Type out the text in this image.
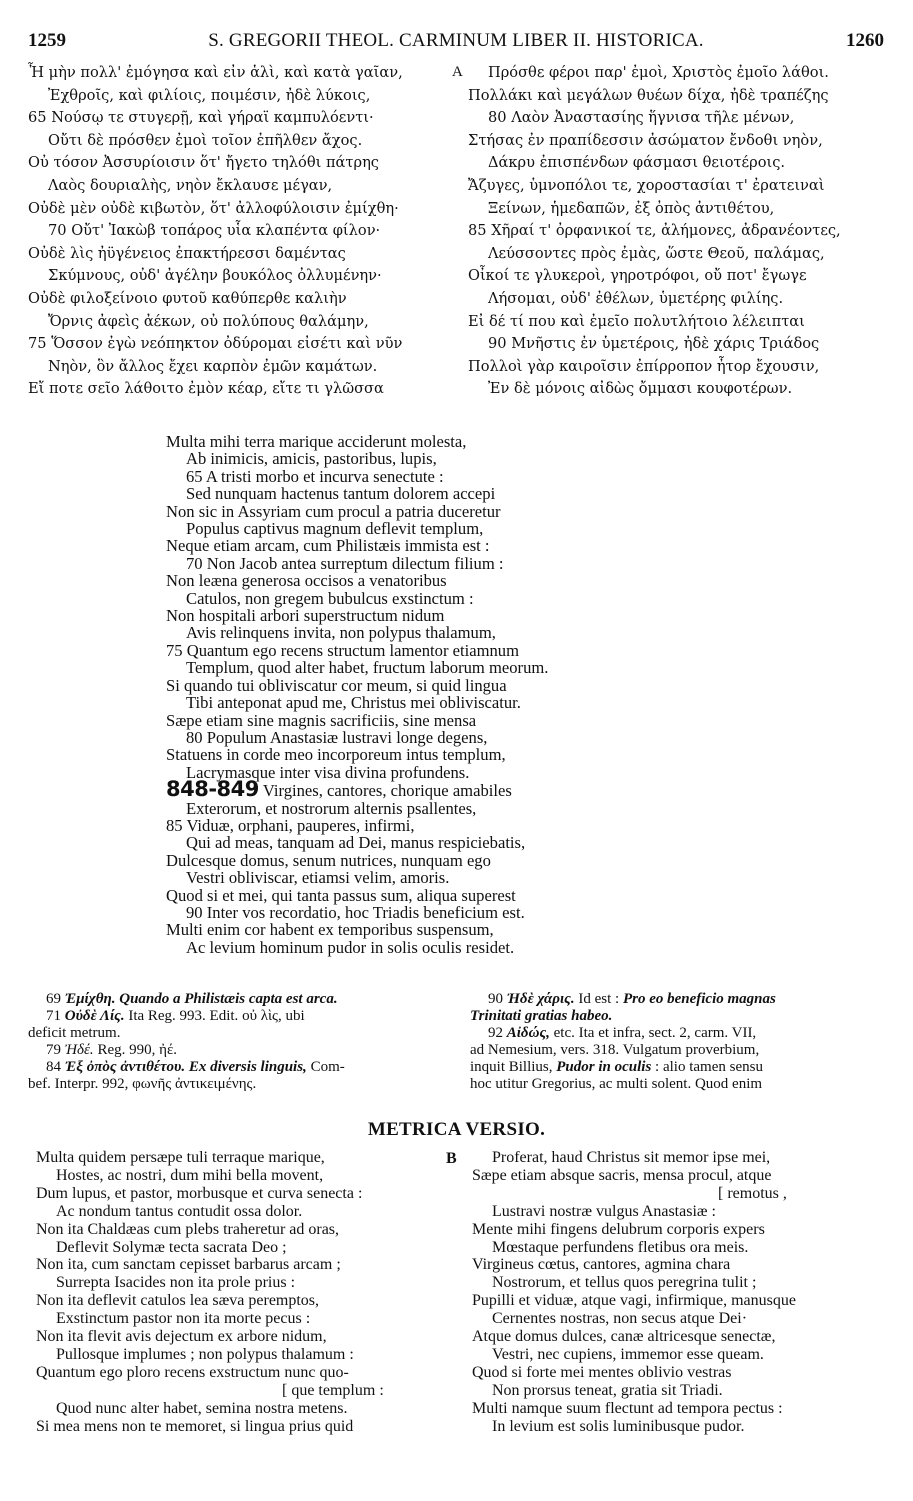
1259	S. GREGORII THEOL. CARMINUM LIBER II. HISTORICA.	1260
Ἦ μὴν πολλ' ἐμόγησα καὶ εἰν ἁλὶ, καὶ κατὰ γαῖαν,
Ἐχθροῖς, καὶ φιλίοις, ποιμέσιν, ἠδὲ λύκοις,
65 Νούσῳ τε στυγερῇ, καὶ γήραϊ καμπυλόεντι·
Οὔτι δὲ πρόσθεν ἐμοὶ τοῖον ἐπῆλθεν ἄχος.
Οὐ τόσον Ἀσσυρίοισιν ὅτ' ἤγετο τηλόθι πάτρης
Λαὸς δουριαλὴς, νηὸν ἔκλαυσε μέγαν,
Οὐδὲ μὲν οὐδὲ κιβωτὸν, ὅτ' ἀλλοφύλοισιν ἐμίχθη·
70 Οὔτ' Ἰακὼβ τοπάρος υἷα κλαπέντα φίλον·
Οὐδὲ λὶς ἠϋγένειος ἐπακτήρεσσι δαμέντας
Σκύμνους, οὐδ' ἀγέλην βουκόλος ὀλλυμένην·
Οὐδὲ φιλοξείνοιο φυτοῦ καθύπερθε καλιὴν
Ὄρνις ἀφεὶς ἀέκων, οὐ πολύπους θαλάμην,
75 Ὅσσον ἐγὼ νεόπηκτον ὀδύρομαι εἰσέτι καὶ νῦν
Νηὸν, ὃν ἄλλος ἔχει καρπὸν ἐμῶν καμάτων.
Εἴ ποτε σεῖο λάθοιτο ἐμὸν κέαρ, εἴτε τι γλῶσσα
A	Πρόσθε φέροι παρ' ἐμοὶ, Χριστὸς ἐμοῖο λάθοι.
Πολλάκι καὶ μεγάλων θυέων δίχα, ἠδὲ τραπέζης
80 Λαὸν Ἀναστασίης ἥγνισα τῆλε μένων,
Στήσας ἐν πραπίδεσσιν ἀσώματον ἔνδοθι νηὸν,
Δάκρυ ἐπισπένδων φάσμασι θειοτέροις.
Ἄζυγες, ὑμνοπόλοι τε, χοροστασίαι τ' ἐρατειναὶ
Ξείνων, ἡμεδαπῶν, ἐξ ὀπὸς ἀντιθέτου,
85 Χῆραί τ' ὀρφανικοί τε, ἀλήμονες, ἀδρανέοντες,
Λεύσσοντες πρὸς ἐμὰς, ὥστε Θεοῦ, παλάμας,
Οἶκοί τε γλυκεροὶ, γηροτρόφοι, οὔ ποτ' ἔγωγε
Λήσομαι, οὐδ' ἐθέλων, ὑμετέρης φιλίης.
Εἰ δέ τί που καὶ ἐμεῖο πολυτλήτοιο λέλειπται
90 Μνῆστις ἐν ὑμετέροις, ἠδὲ χάρις Τριάδος
Πολλοὶ γὰρ καιροῖσιν ἐπίρροπον ἦτορ ἔχουσιν,
Ἐν δὲ μόνοις αἰδὼς ὄμμασι κουφοτέρων.
Multa mihi terra marique acciderunt molesta,
Ab inimicis, amicis, pastoribus, lupis,
65 A tristi morbo et incurva senectute :
Sed nunquam hactenus tantum dolorem accepi
Non sic in Assyriam cum procul a patria duceretur
Populus captivus magnum deflevit templum,
Neque etiam arcam, cum Philistæis immista est :
70 Non Jacob antea surreptum dilectum filium :
Non leæna generosa occisos a venatoribus
Catulos, non gregem bubulcus exstinctum :
Non hospitali arbori superstructum nidum
Avis relinquens invita, non polypus thalamum,
75 Quantum ego recens structum lamentor etiamnum
Templum, quod alter habet, fructum laborum meorum.
Si quando tui obliviscatur cor meum, si quid lingua
Tibi anteponat apud me, Christus mei obliviscatur.
Sæpe etiam sine magnis sacrificiis, sine mensa
80 Populum Anastasiæ lustravi longe degens,
Statuens in corde meo incorporeum intus templum,
Lacrymasque inter visa divina profundens.
848-849 Virgines, cantores, chorique amabiles
Exterorum, et nostrorum alternis psallentes,
85 Viduæ, orphani, pauperes, infirmi,
Qui ad meas, tanquam ad Dei, manus respiciebatis,
Dulcesque domus, senum nutrices, nunquam ego
Vestri obliviscar, etiamsi velim, amoris.
Quod si et mei, qui tanta passus sum, aliqua superest
90 Inter vos recordatio, hoc Triadis beneficium est.
Multi enim cor habent ex temporibus suspensum,
Ac levium hominum pudor in solis oculis residet.
69 Ἐμίχθη. Quando a Philistæis capta est arca.
71 Οὐδὲ Λίς. Ita Reg. 993. Edit. οὐ λὶς, ubi
deficit metrum.
79 Ἠδέ. Reg. 990, ἠέ.
84 Ἐξ ὀπὸς ἀντιθέτου. Ex diversis linguis, Com-
bef. Interpr. 992, φωνῆς ἀντικειμένης.
90 Ἠδὲ χάρις. Id est : Pro eo beneficio magnas
Trinitati gratias habeo.
92 Αἰδώς, etc. Ita et infra, sect. 2, carm. VII,
ad Nemesium, vers. 318. Vulgatum proverbium,
inquit Billius, Pudor in oculis : alio tamen sensu
hoc utitur Gregorius, ac multi solent. Quod enim
METRICA VERSIO.
Multa quidem persæpe tuli terraque marique,
Hostes, ac nostri, dum mihi bella movent,
Dum lupus, et pastor, morbusque et curva senecta :
Ac nondum tantus contudit ossa dolor.
Non ita Chaldæas cum plebs traheretur ad oras,
Deflevit Solymæ tecta sacrata Deo ;
Non ita, cum sanctam cepisset barbarus arcam ;
Surrepta Isacides non ita prole prius :
Non ita deflevit catulos lea sæva peremptos,
Exstinctum pastor non ita morte pecus :
Non ita flevit avis dejectum ex arbore nidum,
Pullosque implumes ; non polypus thalamum :
Quantum ego ploro recens exstructum nunc quo-
[ que templum :
Quod nunc alter habet, semina nostra metens.
Si mea mens non te memoret, si lingua prius quid
B	Proferat, haud Christus sit memor ipse mei,
Sæpe etiam absque sacris, mensa procul, atque
[ remotus ,
Lustravi nostræ vulgus Anastasiæ :
Mente mihi fingens delubrum corporis expers
Mœstaque perfundens fletibus ora meis.
Virgineus cœtus, cantores, agmina chara
Nostrorum, et tellus quos peregrina tulit ;
Pupilli et viduæ, atque vagi, infirmique, manusque
Cernentes nostras, non secus atque Dei·
Atque domus dulces, canæ altricesque senectæ,
Vestri, nec cupiens, immemor esse queam.
Quod si forte mei mentes oblivio vestras
Non prorsus teneat, gratia sit Triadi.
Multi namque suum flectunt ad tempora pectus :
In levium est solis luminibusque pudor.
